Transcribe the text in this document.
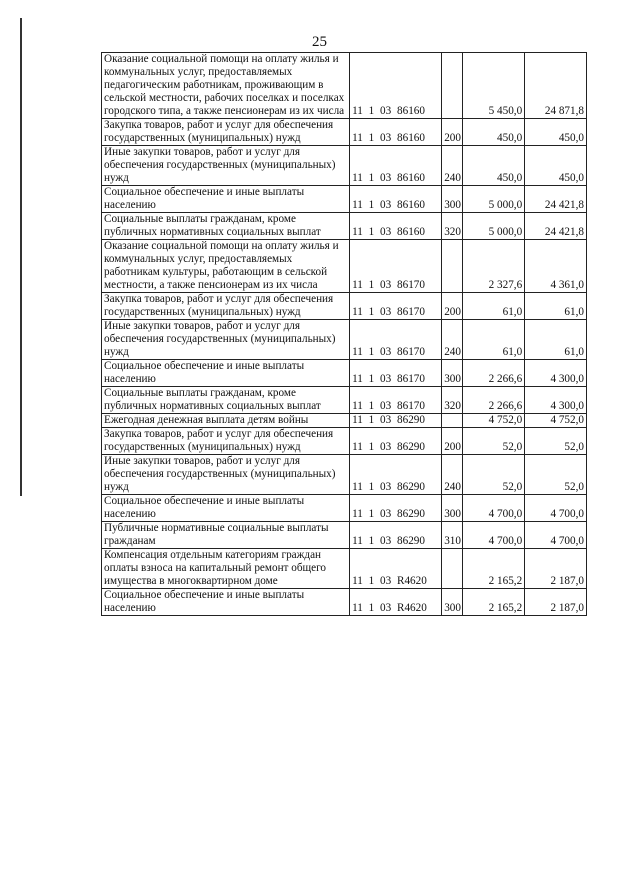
25
Оказание социальной помощи на оплату жилья и коммунальных услуг, предоставляемых педагогическим работникам, проживающим в сельской местности, рабочих поселках и поселках городского типа, а также пенсионерам из их числа	11 1 03 86160		5 450,0	24 871,8
Закупка товаров, работ и услуг для обеспечения государственных (муниципальных) нужд	11 1 03 86160	200	450,0	450,0
Иные закупки товаров, работ и услуг для обеспечения государственных (муниципальных) нужд	11 1 03 86160	240	450,0	450,0
Социальное обеспечение и иные выплаты населению	11 1 03 86160	300	5 000,0	24 421,8
Социальные выплаты гражданам, кроме публичных нормативных социальных выплат	11 1 03 86160	320	5 000,0	24 421,8
Оказание социальной помощи на оплату жилья и коммунальных услуг, предоставляемых работникам культуры, работающим в сельской местности, а также пенсионерам из их числа	11 1 03 86170		2 327,6	4 361,0
Закупка товаров, работ и услуг для обеспечения государственных (муниципальных) нужд	11 1 03 86170	200	61,0	61,0
Иные закупки товаров, работ и услуг для обеспечения государственных (муниципальных) нужд	11 1 03 86170	240	61,0	61,0
Социальное обеспечение и иные выплаты населению	11 1 03 86170	300	2 266,6	4 300,0
Социальные выплаты гражданам, кроме публичных нормативных социальных выплат	11 1 03 86170	320	2 266,6	4 300,0
Ежегодная денежная выплата детям войны	11 1 03 86290		4 752,0	4 752,0
Закупка товаров, работ и услуг для обеспечения государственных (муниципальных) нужд	11 1 03 86290	200	52,0	52,0
Иные закупки товаров, работ и услуг для обеспечения государственных (муниципальных) нужд	11 1 03 86290	240	52,0	52,0
Социальное обеспечение и иные выплаты населению	11 1 03 86290	300	4 700,0	4 700,0
Публичные нормативные социальные выплаты гражданам	11 1 03 86290	310	4 700,0	4 700,0
Компенсация отдельным категориям граждан оплаты взноса на капитальный ремонт общего имущества в многоквартирном доме	11 1 03 R4620		2 165,2	2 187,0
Социальное обеспечение и иные выплаты населению	11 1 03 R4620	300	2 165,2	2 187,0
